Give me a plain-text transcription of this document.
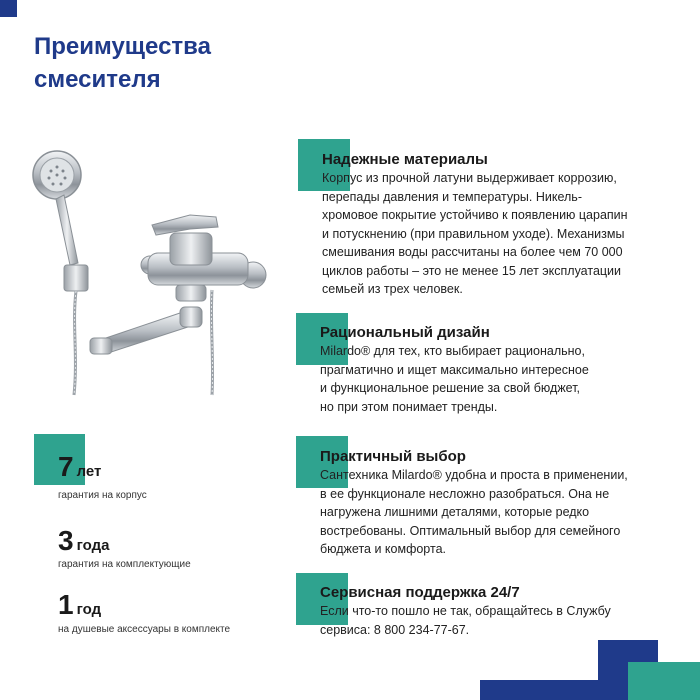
Преимущества
смесителя
Надежные материалы

Корпус из прочной латуни выдерживает коррозию,

перепады давления и температуры. Никель-

хромовое покрытие устойчиво к появлению царапин

и потускнению (при правильном уходе). Механизмы

смешивания воды рассчитаны на более чем 70 000

циклов работы – это не менее 15 лет эксплуатации

семьей из трех человек.

Рациональный дизайн

Milardo® для тех, кто выбирает рационально,

прагматично и ищет максимально интересное

и функциональное решение за свой бюджет,

но при этом понимает тренды.

Практичный выбор

Сантехника Milardo® удобна и проста в применении,

в ее функционале несложно разобраться. Она не

нагружена лишними деталями, которые редко

востребованы. Оптимальный выбор для семейного

бюджета и комфорта.

Сервисная поддержка 24/7

Если что-то пошло не так, обращайтесь в Службу

сервиса: 8 800 234-77-67.

7 лет
гарантия на корпус
3 года
гарантия на комплектующие
1 год
на душевые аксессуары в комплекте
